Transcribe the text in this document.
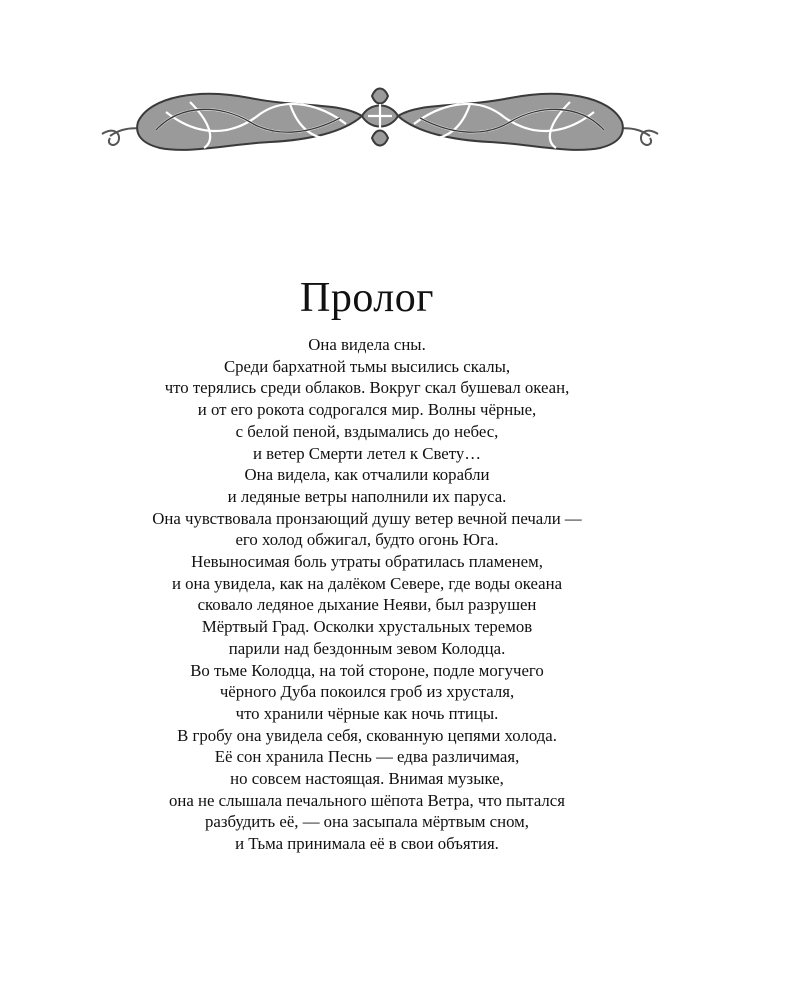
Пролог
Она видела сны.
Среди бархатной тьмы высились скалы,
что терялись среди облаков. Вокруг скал бушевал океан,
и от его рокота содрогался мир. Волны чёрные,
с белой пеной, вздымались до небес,
и ветер Смерти летел к Свету…
Она видела, как отчалили корабли
и ледяные ветры наполнили их паруса.
Она чувствовала пронзающий душу ветер вечной печали —
его холод обжигал, будто огонь Юга.
Невыносимая боль утраты обратилась пламенем,
и она увидела, как на далёком Севере, где воды океана
сковало ледяное дыхание Неяви, был разрушен
Мёртвый Град. Осколки хрустальных теремов
парили над бездонным зевом Колодца.
Во тьме Колодца, на той стороне, подле могучего
чёрного Дуба покоился гроб из хрусталя,
что хранили чёрные как ночь птицы.
В гробу она увидела себя, скованную цепями холода.
Её сон хранила Песнь — едва различимая,
но совсем настоящая. Внимая музыке,
она не слышала печального шёпота Ветра, что пытался
разбудить её, — она засыпала мёртвым сном,
и Тьма принимала её в свои объятия.
